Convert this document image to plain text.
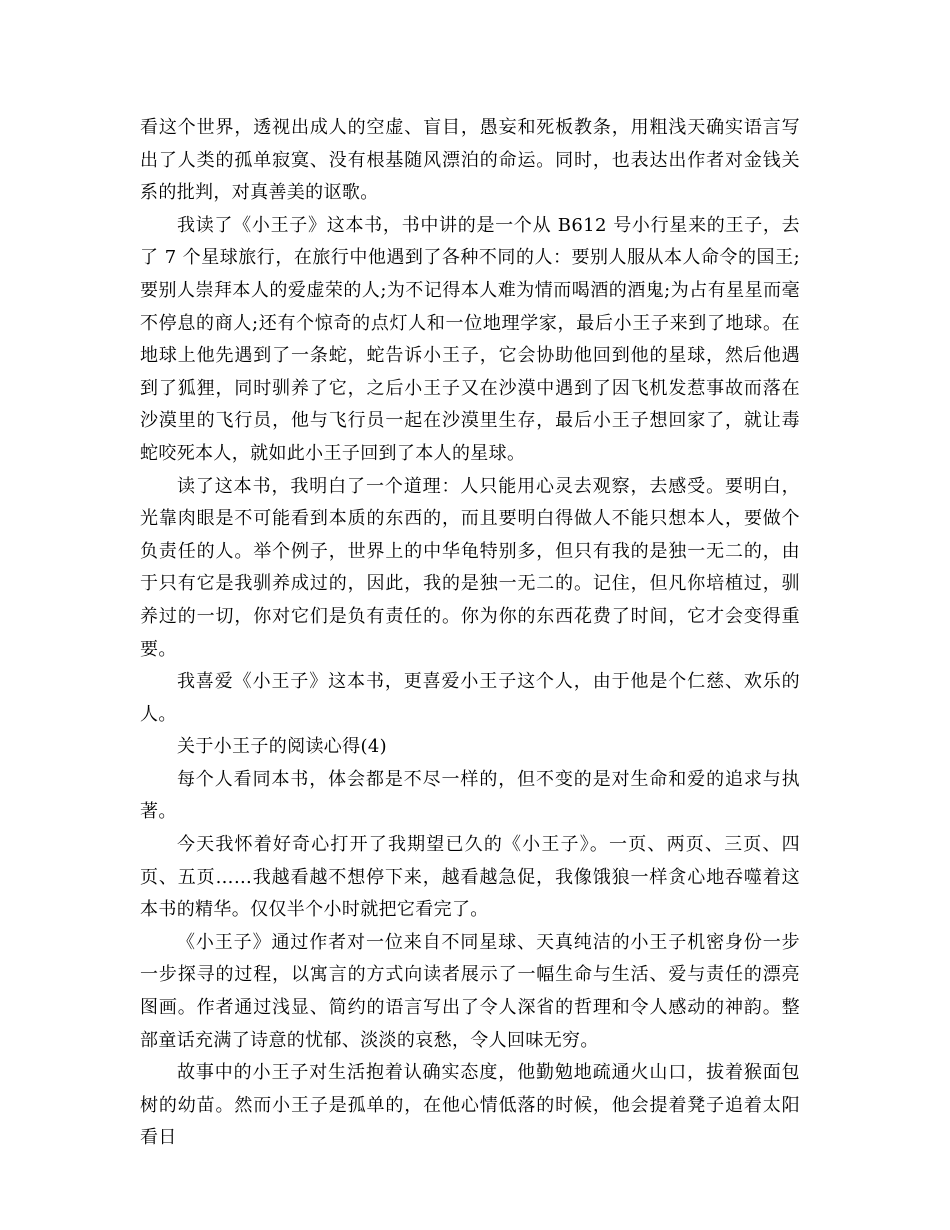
看这个世界，透视出成人的空虚、盲目，愚妄和死板教条，用粗浅天确实语言写出了人类的孤单寂寞、没有根基随风漂泊的命运。同时，也表达出作者对金钱关系的批判，对真善美的讴歌。

我读了《小王子》这本书，书中讲的是一个从 B612 号小行星来的王子，去了 7 个星球旅行，在旅行中他遇到了各种不同的人：要别人服从本人命令的国王;要别人崇拜本人的爱虚荣的人;为不记得本人难为情而喝酒的酒鬼;为占有星星而毫不停息的商人;还有个惊奇的点灯人和一位地理学家，最后小王子来到了地球。在地球上他先遇到了一条蛇，蛇告诉小王子，它会协助他回到他的星球，然后他遇到了狐狸，同时驯养了它，之后小王子又在沙漠中遇到了因飞机发惹事故而落在沙漠里的飞行员，他与飞行员一起在沙漠里生存，最后小王子想回家了，就让毒蛇咬死本人，就如此小王子回到了本人的星球。

读了这本书，我明白了一个道理：人只能用心灵去观察，去感受。要明白，光靠肉眼是不可能看到本质的东西的，而且要明白得做人不能只想本人，要做个负责任的人。举个例子，世界上的中华龟特别多，但只有我的是独一无二的，由于只有它是我驯养成过的，因此，我的是独一无二的。记住，但凡你培植过，驯养过的一切，你对它们是负有责任的。你为你的东西花费了时间，它才会变得重要。

我喜爱《小王子》这本书，更喜爱小王子这个人，由于他是个仁慈、欢乐的人。

关于小王子的阅读心得(4)

每个人看同本书，体会都是不尽一样的，但不变的是对生命和爱的追求与执著。

今天我怀着好奇心打开了我期望已久的《小王子》。一页、两页、三页、四页、五页……我越看越不想停下来，越看越急促，我像饿狼一样贪心地吞噬着这本书的精华。仅仅半个小时就把它看完了。

《小王子》通过作者对一位来自不同星球、天真纯洁的小王子机密身份一步一步探寻的过程，以寓言的方式向读者展示了一幅生命与生活、爱与责任的漂亮图画。作者通过浅显、简约的语言写出了令人深省的哲理和令人感动的神韵。整部童话充满了诗意的忧郁、淡淡的哀愁，令人回味无穷。

故事中的小王子对生活抱着认确实态度，他勤勉地疏通火山口，拔着猴面包树的幼苗。然而小王子是孤单的，在他心情低落的时候，他会提着凳子追着太阳看日
